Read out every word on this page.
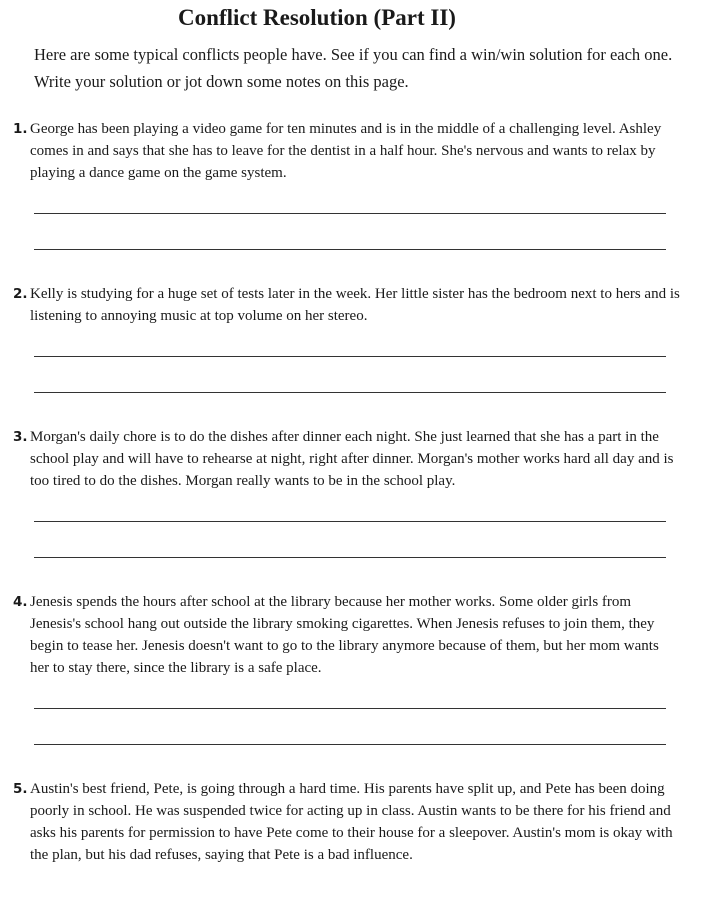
Conflict Resolution (Part II)

Here are some typical conflicts people have. See if you can find a win/win solution for each one. Write your solution or jot down some notes on this page.

1. George has been playing a video game for ten minutes and is in the middle of a challenging level. Ashley comes in and says that she has to leave for the dentist in a half hour. She's nervous and wants to relax by playing a dance game on the game system.
2. Kelly is studying for a huge set of tests later in the week. Her little sister has the bedroom next to hers and is listening to annoying music at top volume on her stereo.
3. Morgan's daily chore is to do the dishes after dinner each night. She just learned that she has a part in the school play and will have to rehearse at night, right after dinner. Morgan's mother works hard all day and is too tired to do the dishes. Morgan really wants to be in the school play.
4. Jenesis spends the hours after school at the library because her mother works. Some older girls from Jenesis's school hang out outside the library smoking cigarettes. When Jenesis refuses to join them, they begin to tease her. Jenesis doesn't want to go to the library anymore because of them, but her mom wants her to stay there, since the library is a safe place.
5. Austin's best friend, Pete, is going through a hard time. His parents have split up, and Pete has been doing poorly in school. He was suspended twice for acting up in class. Austin wants to be there for his friend and asks his parents for permission to have Pete come to their house for a sleepover. Austin's mom is okay with the plan, but his dad refuses, saying that Pete is a bad influence.
